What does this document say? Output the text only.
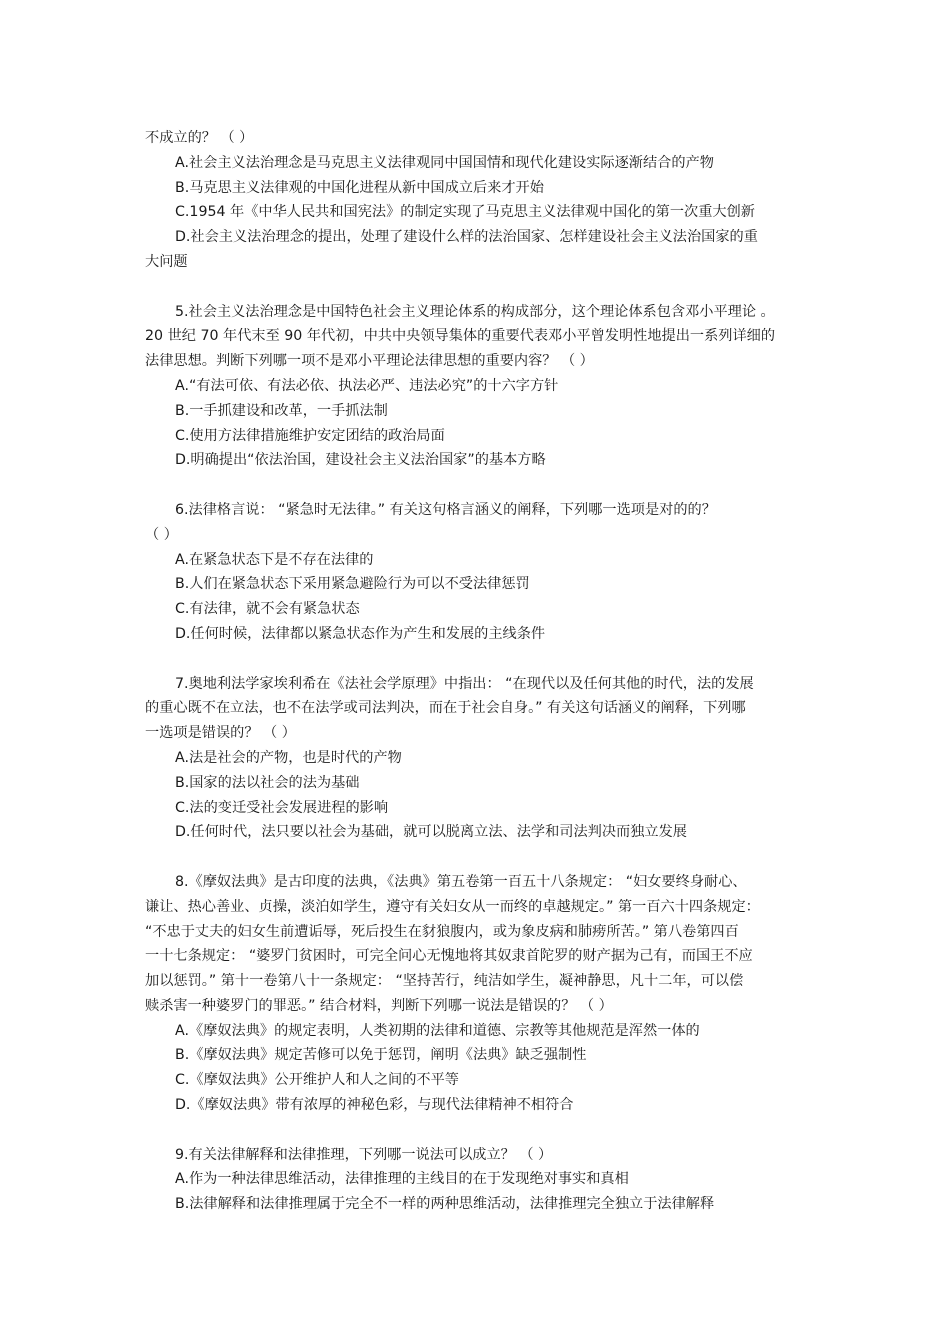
不成立的？ （ ）
A.社会主义法治理念是马克思主义法律观同中国国情和现代化建设实际逐渐结合的产物
B.马克思主义法律观的中国化进程从新中国成立后来才开始
C.1954 年《中华人民共和国宪法》的制定实现了马克思主义法律观中国化的第一次重大创新
D.社会主义法治理念的提出，处理了建设什么样的法治国家、怎样建设社会主义法治国家的重
大问题
5.社会主义法治理念是中国特色社会主义理论体系的构成部分，这个理论体系包含邓小平理论 。
20 世纪 70 年代末至 90 年代初，中共中央领导集体的重要代表邓小平曾发明性地提出一系列详细的
法律思想。判断下列哪一项不是邓小平理论法律思想的重要内容？ （ ）
A.“有法可依、有法必依、执法必严、违法必究”的十六字方针
B.一手抓建设和改革，一手抓法制
C.使用方法律措施维护安定团结的政治局面
D.明确提出“依法治国，建设社会主义法治国家”的基本方略
6.法律格言说： “紧急时无法律。” 有关这句格言涵义的阐释，下列哪一选项是对的的？
（ ）
A.在紧急状态下是不存在法律的
B.人们在紧急状态下采用紧急避险行为可以不受法律惩罚
C.有法律，就不会有紧急状态
D.任何时候，法律都以紧急状态作为产生和发展的主线条件
7.奥地利法学家埃利希在《法社会学原理》中指出： “在现代以及任何其他的时代，法的发展
的重心既不在立法，也不在法学或司法判决，而在于社会自身。” 有关这句话涵义的阐释，下列哪
一选项是错误的？ （ ）
A.法是社会的产物，也是时代的产物
B.国家的法以社会的法为基础
C.法的变迁受社会发展进程的影响
D.任何时代，法只要以社会为基础，就可以脱离立法、法学和司法判决而独立发展
8.《摩奴法典》是古印度的法典，《法典》第五卷第一百五十八条规定： “妇女要终身耐心、
谦让、热心善业、贞操，淡泊如学生，遵守有关妇女从一而终的卓越规定。” 第一百六十四条规定：
“不忠于丈夫的妇女生前遭诟辱，死后投生在豺狼腹内，或为象皮病和肺痨所苦。” 第八卷第四百
一十七条规定： “婆罗门贫困时，可完全问心无愧地将其奴隶首陀罗的财产据为己有，而国王不应
加以惩罚。” 第十一卷第八十一条规定： “坚持苦行，纯洁如学生，凝神静思，凡十二年，可以偿
赎杀害一种婆罗门的罪恶。” 结合材料，判断下列哪一说法是错误的？ （ ）
A.《摩奴法典》的规定表明，人类初期的法律和道德、宗教等其他规范是浑然一体的
B.《摩奴法典》规定苦修可以免于惩罚，阐明《法典》缺乏强制性
C.《摩奴法典》公开维护人和人之间的不平等
D.《摩奴法典》带有浓厚的神秘色彩，与现代法律精神不相符合
9.有关法律解释和法律推理，下列哪一说法可以成立？ （ ）
A.作为一种法律思维活动，法律推理的主线目的在于发现绝对事实和真相
B.法律解释和法律推理属于完全不一样的两种思维活动，法律推理完全独立于法律解释
